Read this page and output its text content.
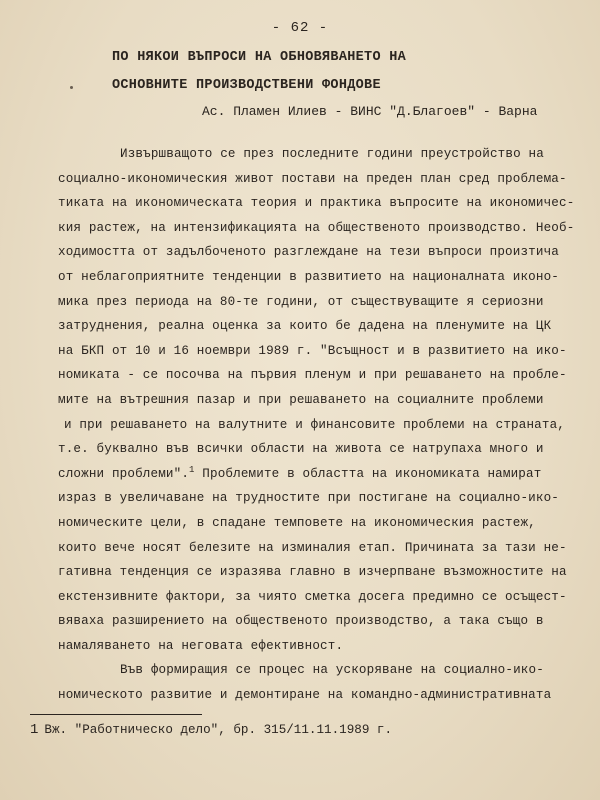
- 62 -
ПО НЯКОИ ВЪПРОСИ НА ОБНОВЯВАНЕТО НА
ОСНОВНИТЕ ПРОИЗВОДСТВЕНИ ФОНДОВЕ
Ас. Пламен Илиев - ВИНС "Д.Благоев" - Варна
Извършващото се през последните години преустройство на
социално-икономическия живот постави на преден план сред проблема-
тиката на икономическата теория и практика въпросите на икономичес-
кия растеж, на интензификацията на общественото производство. Необ-
ходимостта от задълбоченото разглеждане на тези въпроси произтича
от неблагоприятните тенденции в развитието на националната иконо-
мика през периода на 80-те години, от съществуващите я сериозни
затруднения, реална оценка за които бе дадена на пленумите на ЦК
на БКП от 10 и 16 ноември 1989 г. "Всъщност и в развитието на ико-
номиката - се посочва на първия пленум и при решаването на пробле-
мите на вътрешния пазар и при решаването на социалните проблеми
и при решаването на валутните и финансовите проблеми на страната,
т.е. буквално във всички области на живота се натрупаха много и
сложни проблеми".$^1$ Проблемите в областта на икономиката намират
израз в увеличаване на трудностите при постигане на социално-ико-
номическите цели, в спадане темповете на икономическия растеж,
които вече носят белезите на изминалия етап. Причината за тази не-
гативна тенденция се изразява главно в изчерпване възможностите на
екстензивните фактори, за чиято сметка досега предимно се осъщест-
вяваха разширението на общественото производство, а така също в
намаляването на неговата ефективност.
Във формиращия се процес на ускоряване на социално-ико-
номическото развитие и демонтиране на командно-административната
1 Вж. "Работническо дело", бр. 315/11.11.1989 г.
